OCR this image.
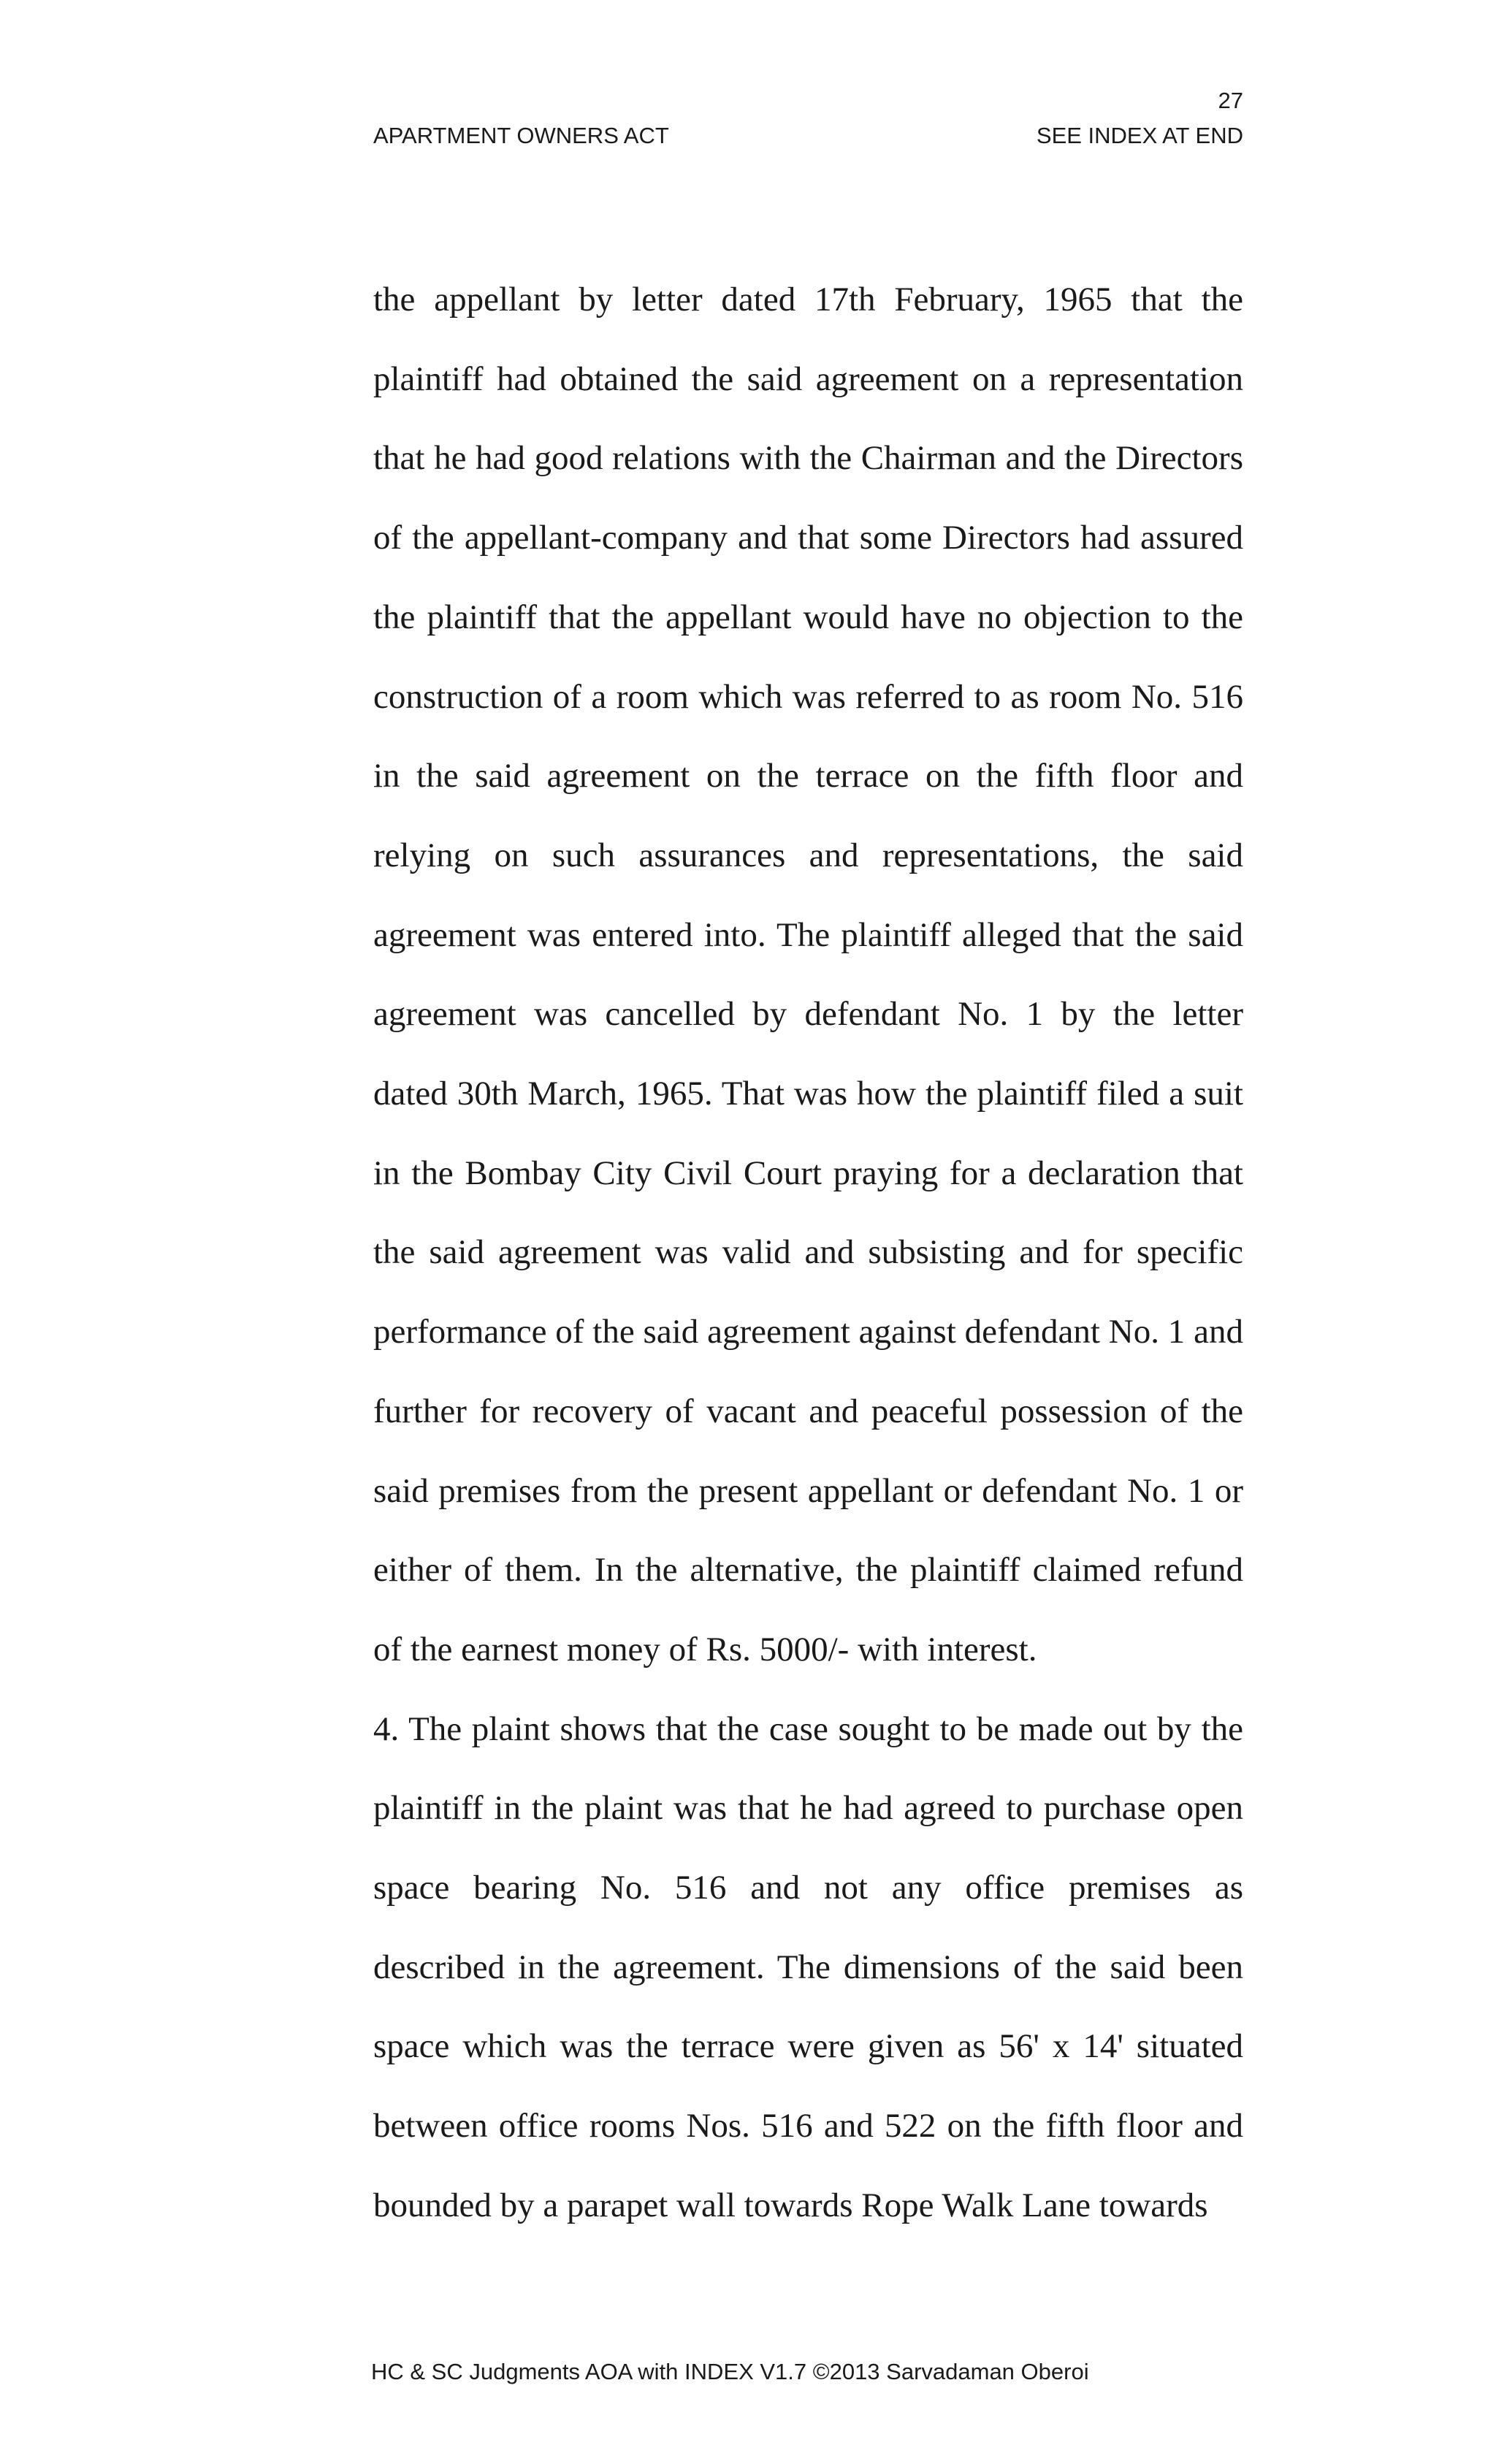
27
APARTMENT OWNERS ACT	SEE INDEX AT END

the appellant by letter dated 17th February, 1965 that the plaintiff had obtained the said agreement on a representation that he had good relations with the Chairman and the Directors of the appellant-company and that some Directors had assured the plaintiff that the appellant would have no objection to the construction of a room which was referred to as room No. 516 in the said agreement on the terrace on the fifth floor and relying on such assurances and representations, the said agreement was entered into. The plaintiff alleged that the said agreement was cancelled by defendant No. 1 by the letter dated 30th March, 1965. That was how the plaintiff filed a suit in the Bombay City Civil Court praying for a declaration that the said agreement was valid and subsisting and for specific performance of the said agreement against defendant No. 1 and further for recovery of vacant and peaceful possession of the said premises from the present appellant or defendant No. 1 or either of them. In the alternative, the plaintiff claimed refund of the earnest money of Rs. 5000/- with interest.

4. The plaint shows that the case sought to be made out by the plaintiff in the plaint was that he had agreed to purchase open space bearing No. 516 and not any office premises as described in the agreement. The dimensions of the said been space which was the terrace were given as 56' x 14' situated between office rooms Nos. 516 and 522 on the fifth floor and bounded by a parapet wall towards Rope Walk Lane towards

HC & SC Judgments AOA with INDEX V1.7 ©2013 Sarvadaman Oberoi
